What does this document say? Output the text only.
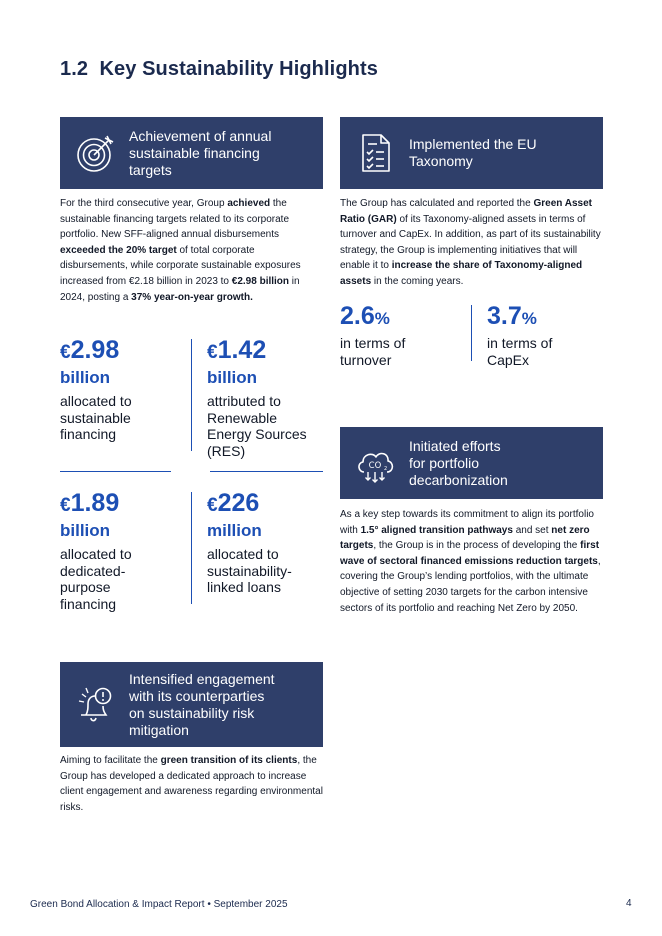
1.2 Key Sustainability Highlights
Achievement of annual
sustainable financing
targets
For the third consecutive year, Group achieved the sustainable financing targets related to its corporate portfolio. New SFF-aligned annual disbursements exceeded the 20% target of total corporate disbursements, while corporate sustainable exposures increased from €2.18 billion in 2023 to €2.98 billion in 2024, posting a 37% year-on-year growth.
€2.98
billion
allocated to
sustainable
financing
€1.42
billion
attributed to
Renewable
Energy Sources
(RES)
€1.89
billion
allocated to
dedicated-
purpose
financing
€226
million
allocated to
sustainability-
linked loans
Implemented the EU
Taxonomy
The Group has calculated and reported the Green Asset Ratio (GAR) of its Taxonomy-aligned assets in terms of turnover and CapEx. In addition, as part of its sustainability strategy, the Group is implementing initiatives that will enable it to increase the share of Taxonomy-aligned assets in the coming years.
2.6%
in terms of
turnover
3.7%
in terms of
CapEx
CO 2
Initiated efforts
for portfolio
decarbonization
As a key step towards its commitment to align its portfolio with 1.5° aligned transition pathways and set net zero targets, the Group is in the process of developing the first wave of sectoral financed emissions reduction targets, covering the Group’s lending portfolios, with the ultimate objective of setting 2030 targets for the carbon intensive sectors of its portfolio and reaching Net Zero by 2050.
Intensified engagement
with its counterparties
on sustainability risk
mitigation
Aiming to facilitate the green transition of its clients, the Group has developed a dedicated approach to increase client engagement and awareness regarding environmental risks.
Green Bond Allocation & Impact Report • September 2025	4
